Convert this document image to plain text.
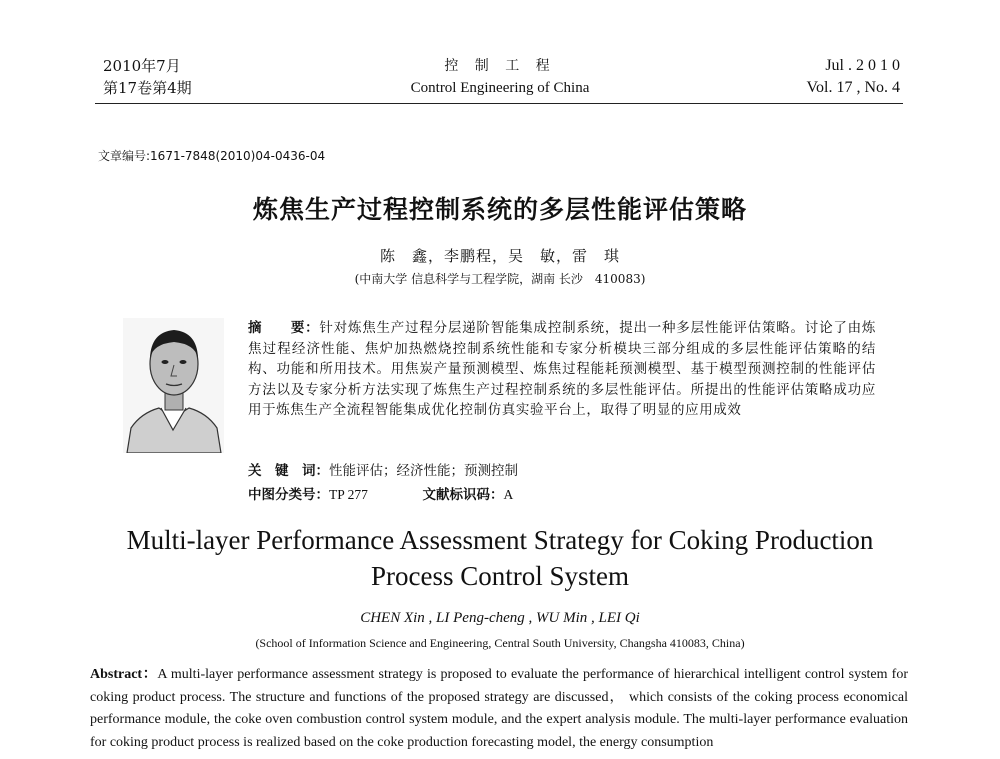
2010年7月
第17卷第4期
控 制 工 程
Control Engineering of China
Jul . 2 0 1 0
Vol. 17 , No. 4
文章编号:1671-7848(2010)04-0436-04
炼焦生产过程控制系统的多层性能评估策略
陈　鑫，李鹏程，吴　敏，雷　琪
(中南大学 信息科学与工程学院，湖南 长沙　410083)
摘　　要：针对炼焦生产过程分层递阶智能集成控制系统，提出一种多层性能评估策略。讨论了由炼焦过程经济性能、焦炉加热燃烧控制系统性能和专家分析模块三部分组成的多层性能评估策略的结构、功能和所用技术。用焦炭产量预测模型、炼焦过程能耗预测模型、基于模型预测控制的性能评估方法以及专家分析方法实现了炼焦生产过程控制系统的多层性能评估。所提出的性能评估策略成功应用于炼焦生产全流程智能集成优化控制仿真实验平台上，取得了明显的应用成效
关　键　词：性能评估；经济性能；预测控制
中图分类号：TP 277	文献标识码：A
Multi-layer Performance Assessment Strategy for Coking Production Process Control System
CHEN Xin , LI Peng-cheng , WU Min , LEI Qi
(School of Information Science and Engineering, Central South University, Changsha 410083, China)
Abstract：A multi-layer performance assessment strategy is proposed to evaluate the performance of hierarchical intelligent control system for coking product process. The structure and functions of the proposed strategy are discussed， which consists of the coking process economical performance module, the coke oven combustion control system module, and the expert analysis module. The multi-layer performance evaluation for coking product process is realized based on the coke production forecasting model, the energy consumption
